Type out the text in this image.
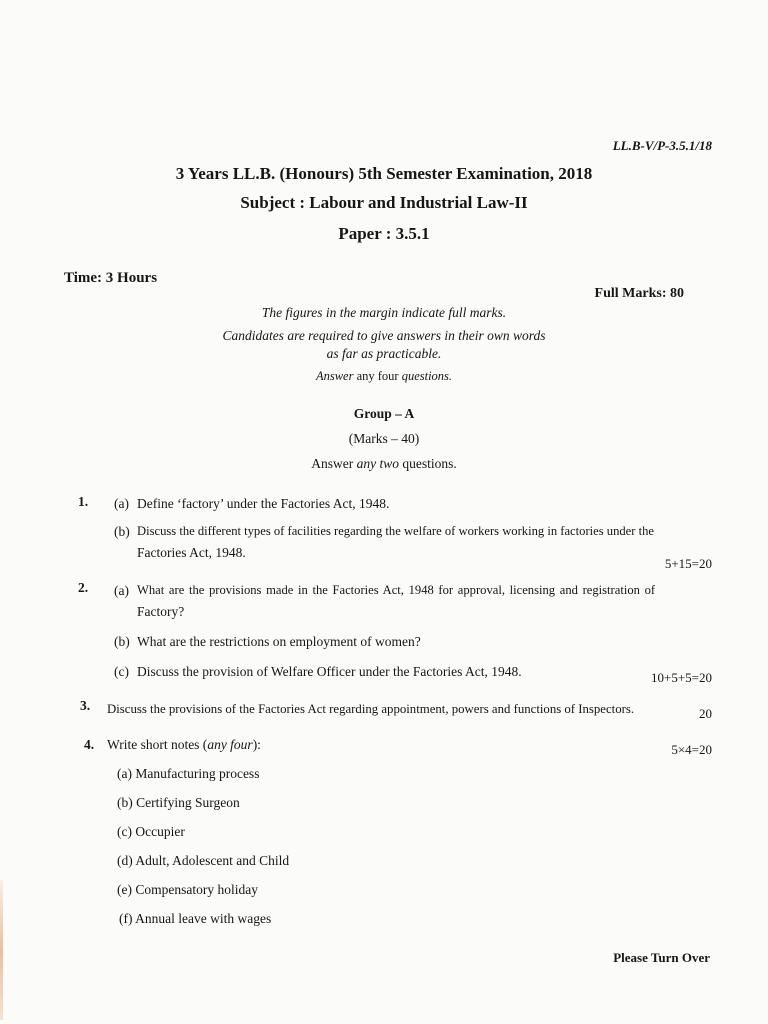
LL.B-V/P-3.5.1/18
3 Years LL.B. (Honours) 5th Semester Examination, 2018
Subject : Labour and Industrial Law-II
Paper : 3.5.1
Time: 3 Hours
Full Marks: 80
The figures in the margin indicate full marks.
Candidates are required to give answers in their own words
as far as practicable.
Answer any four questions.
Group – A
(Marks – 40)
Answer any two questions.
1. (a) Define ‘factory’ under the Factories Act, 1948.
(b) Discuss the different types of facilities regarding the welfare of workers working in factories under the
Factories Act, 1948.
5+15=20
2. (a) What are the provisions made in the Factories Act, 1948 for approval, licensing and registration of
Factory?
(b) What are the restrictions on employment of women?
(c) Discuss the provision of Welfare Officer under the Factories Act, 1948.	10+5+5=20
3. Discuss the provisions of the Factories Act regarding appointment, powers and functions of Inspectors.	20
4. Write short notes (any four):	5×4=20
(a) Manufacturing process
(b) Certifying Surgeon
(c) Occupier
(d) Adult, Adolescent and Child
(e) Compensatory holiday
(f) Annual leave with wages
Please Turn Over
